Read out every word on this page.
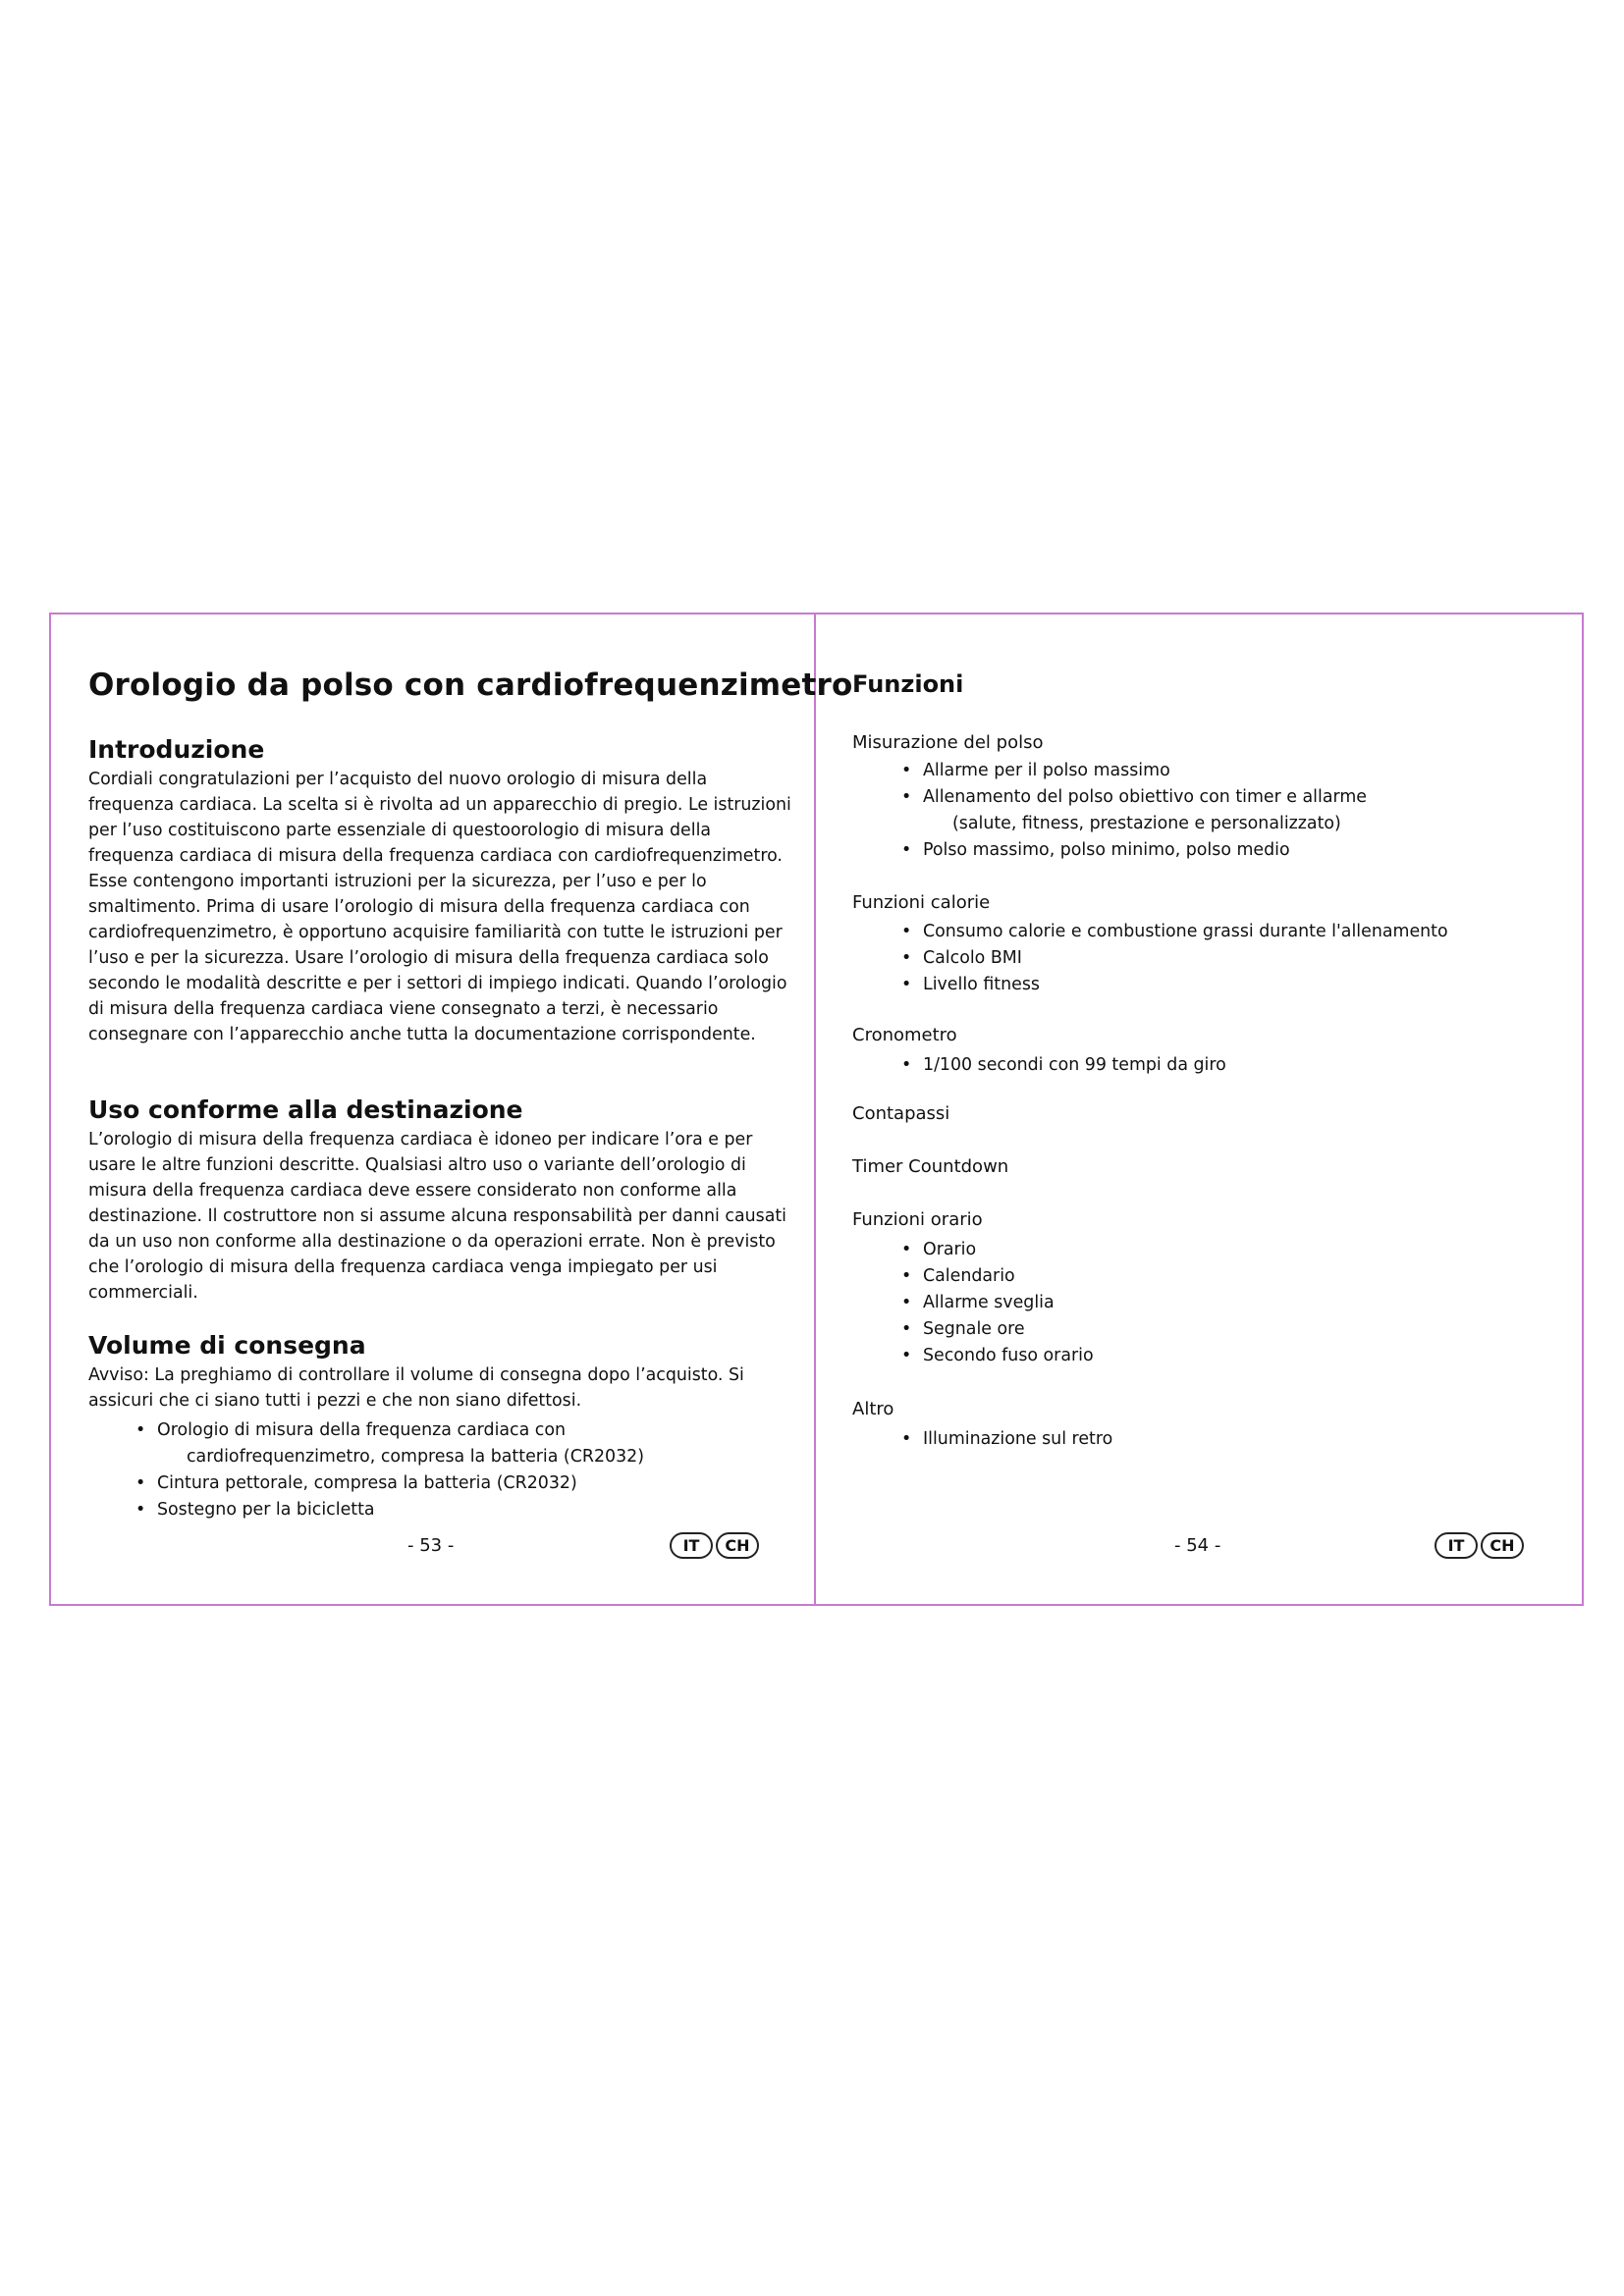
Orologio da polso con cardiofrequenzimetro
Introduzione
Cordiali congratulazioni per l’acquisto del nuovo orologio di misura della frequenza cardiaca. La scelta si è rivolta ad un apparecchio di pregio. Le istruzioni per l’uso costituiscono parte essenziale di questoorologio di misura della frequenza cardiaca di misura della frequenza cardiaca con cardiofrequenzimetro. Esse contengono importanti istruzioni per la sicurezza, per l’uso e per lo smaltimento. Prima di usare l’orologio di misura della frequenza cardiaca con cardiofrequenzimetro, è opportuno acquisire familiarità con tutte le istruzioni per l’uso e per la sicurezza. Usare l’orologio di misura della frequenza cardiaca solo secondo le modalità descritte e per i settori di impiego indicati. Quando l’orologio di misura della frequenza cardiaca viene consegnato a terzi, è necessario consegnare con l’apparecchio anche tutta la documentazione corrispondente.
Uso conforme alla destinazione
L’orologio di misura della frequenza cardiaca è idoneo per indicare l’ora e per usare le altre funzioni descritte. Qualsiasi altro uso o variante dell’orologio di misura della frequenza cardiaca deve essere considerato non conforme alla destinazione. Il costruttore non si assume alcuna responsabilità per danni causati da un uso non conforme alla destinazione o da operazioni errate. Non è previsto che l’orologio di misura della frequenza cardiaca venga impiegato per usi commerciali.
Volume di consegna
Avviso: La preghiamo di controllare il volume di consegna dopo l’acquisto. Si assicuri che ci siano tutti i pezzi e che non siano difettosi.
• Orologio di misura della frequenza cardiaca con
cardiofrequenzimetro, compresa la batteria (CR2032)
• Cintura pettorale, compresa la batteria (CR2032)
• Sostegno per la bicicletta
- 53 -	IT	CH
Funzioni
Misurazione del polso
• Allarme per il polso massimo
• Allenamento del polso obiettivo con timer e allarme
(salute, fitness, prestazione e personalizzato)
• Polso massimo, polso minimo, polso medio
Funzioni calorie
• Consumo calorie e combustione grassi durante l'allenamento
• Calcolo BMI
• Livello fitness
Cronometro
• 1/100 secondi con 99 tempi da giro
Contapassi
Timer Countdown
Funzioni orario
• Orario
• Calendario
• Allarme sveglia
• Segnale ore
• Secondo fuso orario
Altro
• Illuminazione sul retro
- 54 -	IT	CH
